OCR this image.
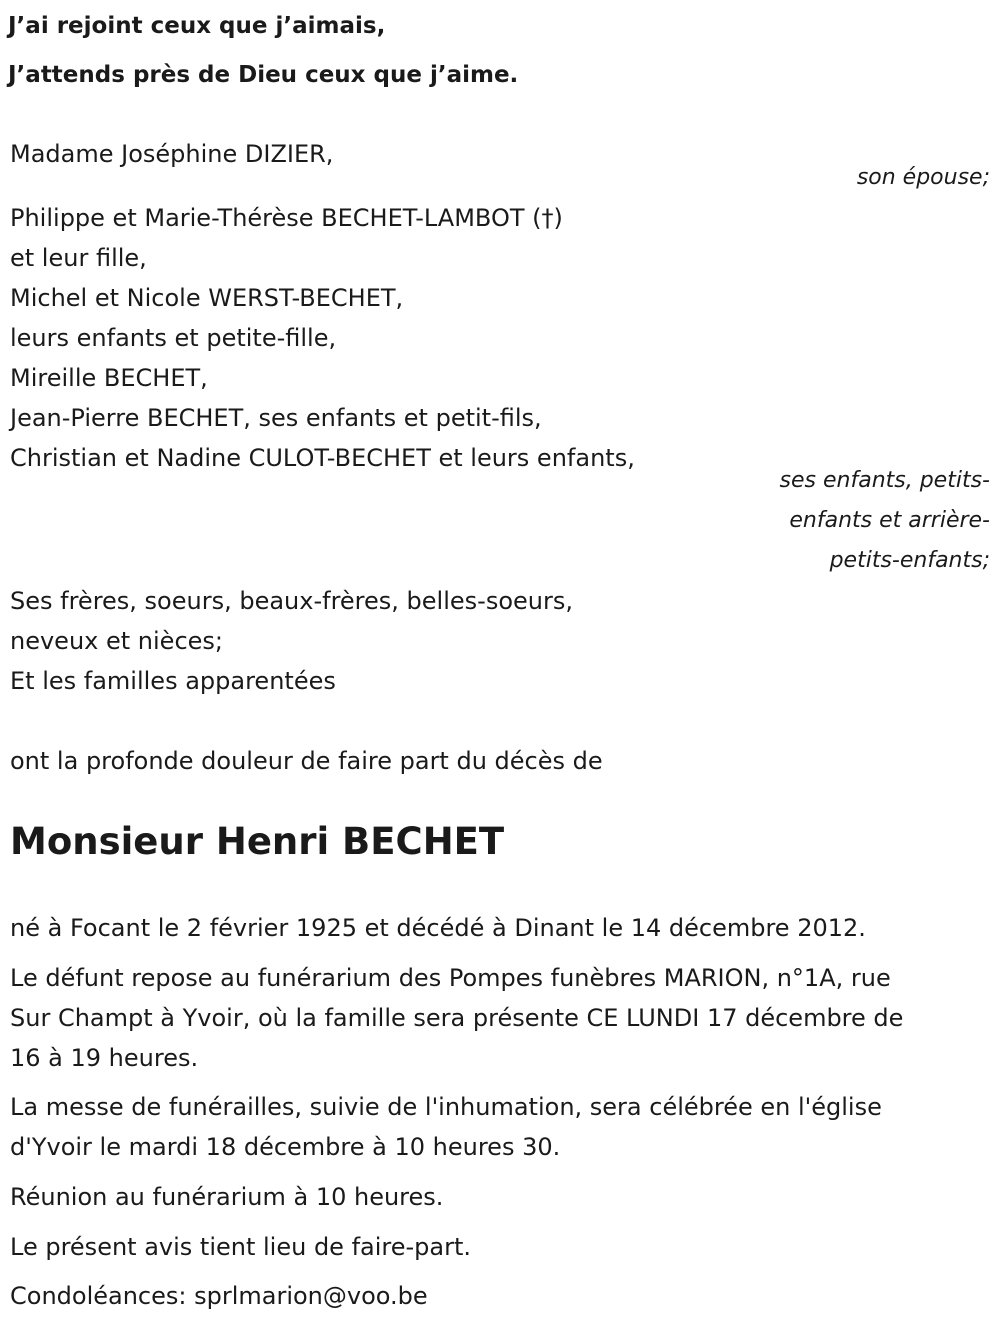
J’ai rejoint ceux que j’aimais,
J’attends près de Dieu ceux que j’aime.
Madame Joséphine DIZIER,
son épouse;
Philippe et Marie-Thérèse BECHET-LAMBOT (†)
et leur fille,
Michel et Nicole WERST-BECHET,
leurs enfants et petite-fille,
Mireille BECHET,
Jean-Pierre BECHET, ses enfants et petit-fils,
Christian et Nadine CULOT-BECHET et leurs enfants,
ses enfants, petits-
enfants et arrière-
petits-enfants;
Ses frères, soeurs, beaux-frères, belles-soeurs,
neveux et nièces;
Et les familles apparentées
ont la profonde douleur de faire part du décès de
Monsieur Henri BECHET
né à Focant le 2 février 1925 et décédé à Dinant le 14 décembre 2012.
Le défunt repose au funérarium des Pompes funèbres MARION, n°1A, rue
Sur Champt à Yvoir, où la famille sera présente CE LUNDI 17 décembre de
16 à 19 heures.
La messe de funérailles, suivie de l'inhumation, sera célébrée en l'église
d'Yvoir le mardi 18 décembre à 10 heures 30.
Réunion au funérarium à 10 heures.
Le présent avis tient lieu de faire-part.
Condoléances: sprlmarion@voo.be
